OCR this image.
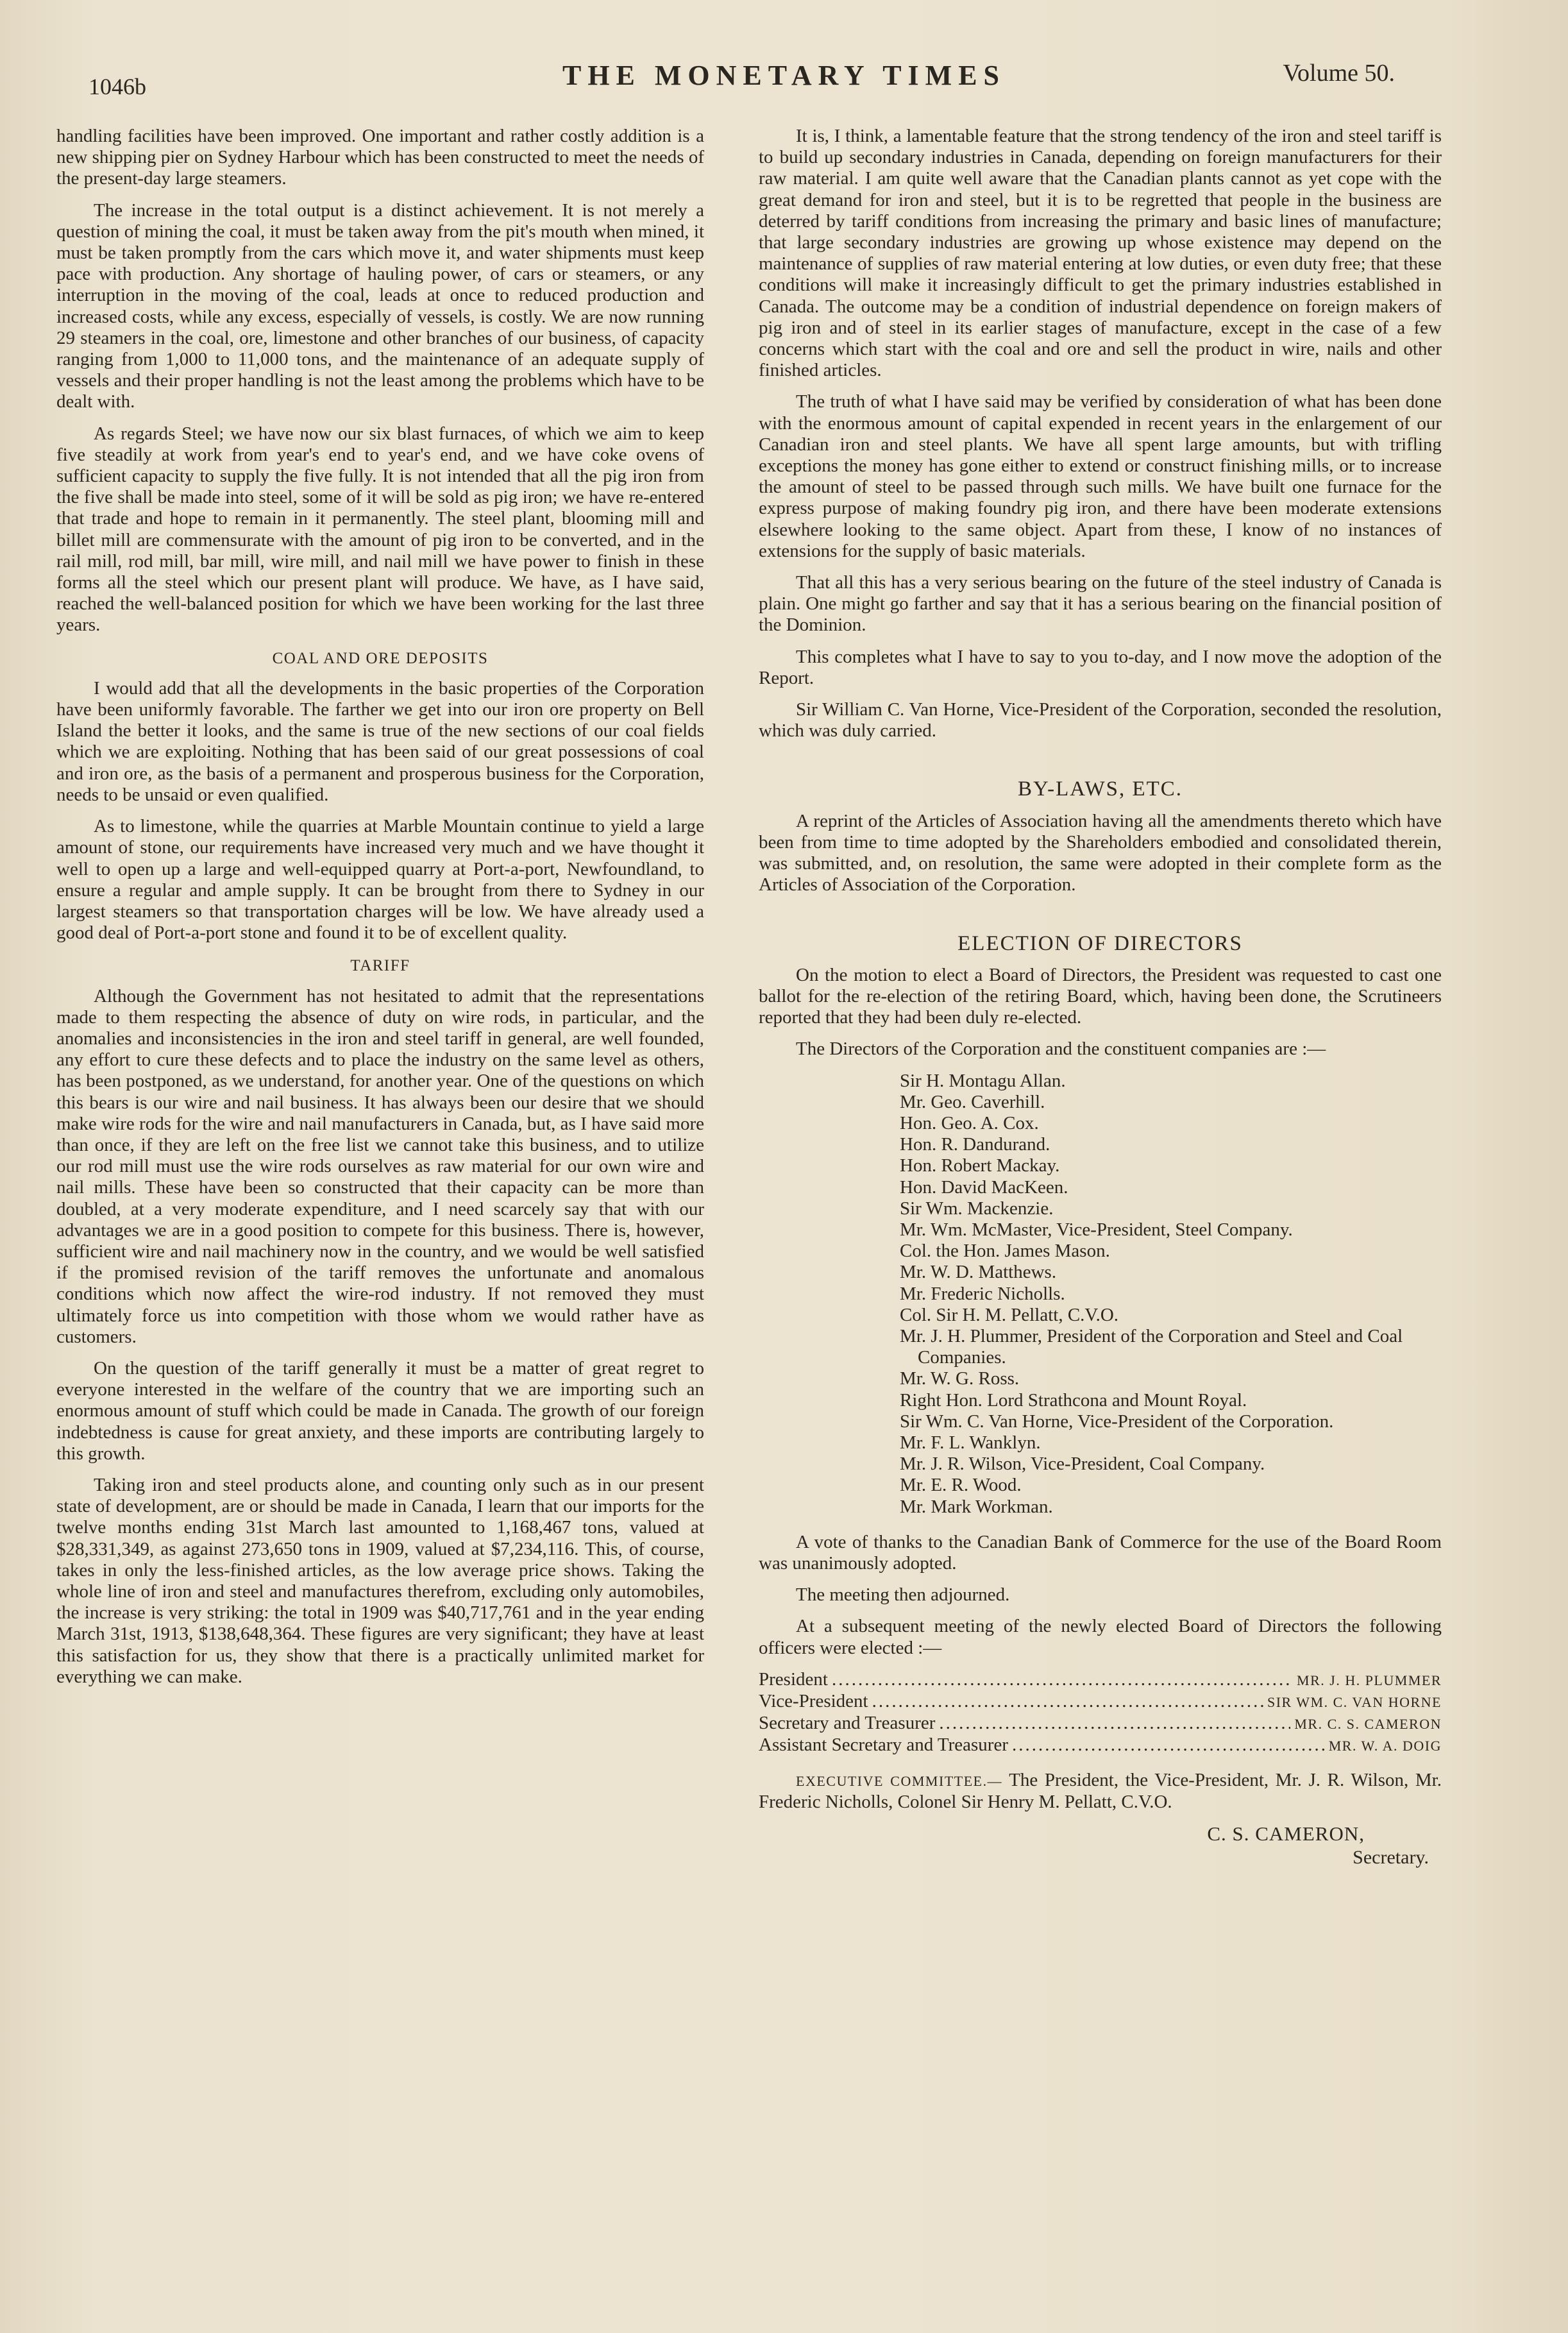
1046b	THE MONETARY TIMES	Volume 50.

handling facilities have been improved. One important and rather costly addition is a new shipping pier on Sydney Harbour which has been constructed to meet the needs of the present-day large steamers.

The increase in the total output is a distinct achievement. It is not merely a question of mining the coal, it must be taken away from the pit's mouth when mined, it must be taken promptly from the cars which move it, and water shipments must keep pace with production. Any shortage of hauling power, of cars or steamers, or any interruption in the moving of the coal, leads at once to reduced production and increased costs, while any excess, especially of vessels, is costly. We are now running 29 steamers in the coal, ore, limestone and other branches of our business, of capacity ranging from 1,000 to 11,000 tons, and the maintenance of an adequate supply of vessels and their proper handling is not the least among the problems which have to be dealt with.

As regards Steel; we have now our six blast furnaces, of which we aim to keep five steadily at work from year's end to year's end, and we have coke ovens of sufficient capacity to supply the five fully. It is not intended that all the pig iron from the five shall be made into steel, some of it will be sold as pig iron; we have re-entered that trade and hope to remain in it permanently. The steel plant, blooming mill and billet mill are commensurate with the amount of pig iron to be converted, and in the rail mill, rod mill, bar mill, wire mill, and nail mill we have power to finish in these forms all the steel which our present plant will produce. We have, as I have said, reached the well-balanced position for which we have been working for the last three years.

COAL AND ORE DEPOSITS

I would add that all the developments in the basic properties of the Corporation have been uniformly favorable. The farther we get into our iron ore property on Bell Island the better it looks, and the same is true of the new sections of our coal fields which we are exploiting. Nothing that has been said of our great possessions of coal and iron ore, as the basis of a permanent and prosperous business for the Corporation, needs to be unsaid or even qualified.

As to limestone, while the quarries at Marble Mountain continue to yield a large amount of stone, our requirements have increased very much and we have thought it well to open up a large and well-equipped quarry at Port-a-port, Newfoundland, to ensure a regular and ample supply. It can be brought from there to Sydney in our largest steamers so that transportation charges will be low. We have already used a good deal of Port-a-port stone and found it to be of excellent quality.

TARIFF

Although the Government has not hesitated to admit that the representations made to them respecting the absence of duty on wire rods, in particular, and the anomalies and inconsistencies in the iron and steel tariff in general, are well founded, any effort to cure these defects and to place the industry on the same level as others, has been postponed, as we understand, for another year. One of the questions on which this bears is our wire and nail business. It has always been our desire that we should make wire rods for the wire and nail manufacturers in Canada, but, as I have said more than once, if they are left on the free list we cannot take this business, and to utilize our rod mill must use the wire rods ourselves as raw material for our own wire and nail mills. These have been so constructed that their capacity can be more than doubled, at a very moderate expenditure, and I need scarcely say that with our advantages we are in a good position to compete for this business. There is, however, sufficient wire and nail machinery now in the country, and we would be well satisfied if the promised revision of the tariff removes the unfortunate and anomalous conditions which now affect the wire-rod industry. If not removed they must ultimately force us into competition with those whom we would rather have as customers.

On the question of the tariff generally it must be a matter of great regret to everyone interested in the welfare of the country that we are importing such an enormous amount of stuff which could be made in Canada. The growth of our foreign indebtedness is cause for great anxiety, and these imports are contributing largely to this growth.

Taking iron and steel products alone, and counting only such as in our present state of development, are or should be made in Canada, I learn that our imports for the twelve months ending 31st March last amounted to 1,168,467 tons, valued at $28,331,349, as against 273,650 tons in 1909, valued at $7,234,116. This, of course, takes in only the less-finished articles, as the low average price shows. Taking the whole line of iron and steel and manufactures therefrom, excluding only automobiles, the increase is very striking: the total in 1909 was $40,717,761 and in the year ending March 31st, 1913, $138,648,364. These figures are very significant; they have at least this satisfaction for us, they show that there is a practically unlimited market for everything we can make.

It is, I think, a lamentable feature that the strong tendency of the iron and steel tariff is to build up secondary industries in Canada, depending on foreign manufacturers for their raw material. I am quite well aware that the Canadian plants cannot as yet cope with the great demand for iron and steel, but it is to be regretted that people in the business are deterred by tariff conditions from increasing the primary and basic lines of manufacture; that large secondary industries are growing up whose existence may depend on the maintenance of supplies of raw material entering at low duties, or even duty free; that these conditions will make it increasingly difficult to get the primary industries established in Canada. The outcome may be a condition of industrial dependence on foreign makers of pig iron and of steel in its earlier stages of manufacture, except in the case of a few concerns which start with the coal and ore and sell the product in wire, nails and other finished articles.

The truth of what I have said may be verified by consideration of what has been done with the enormous amount of capital expended in recent years in the enlargement of our Canadian iron and steel plants. We have all spent large amounts, but with trifling exceptions the money has gone either to extend or construct finishing mills, or to increase the amount of steel to be passed through such mills. We have built one furnace for the express purpose of making foundry pig iron, and there have been moderate extensions elsewhere looking to the same object. Apart from these, I know of no instances of extensions for the supply of basic materials.

That all this has a very serious bearing on the future of the steel industry of Canada is plain. One might go farther and say that it has a serious bearing on the financial position of the Dominion.

This completes what I have to say to you to-day, and I now move the adoption of the Report.

Sir William C. Van Horne, Vice-President of the Corporation, seconded the resolution, which was duly carried.

BY-LAWS, ETC.

A reprint of the Articles of Association having all the amendments thereto which have been from time to time adopted by the Shareholders embodied and consolidated therein, was submitted, and, on resolution, the same were adopted in their complete form as the Articles of Association of the Corporation.

ELECTION OF DIRECTORS

On the motion to elect a Board of Directors, the President was requested to cast one ballot for the re-election of the retiring Board, which, having been done, the Scrutineers reported that they had been duly re-elected.

The Directors of the Corporation and the constituent companies are :—

Sir H. Montagu Allan.
Mr. Geo. Caverhill.
Hon. Geo. A. Cox.
Hon. R. Dandurand.
Hon. Robert Mackay.
Hon. David MacKeen.
Sir Wm. Mackenzie.
Mr. Wm. McMaster, Vice-President, Steel Company.
Col. the Hon. James Mason.
Mr. W. D. Matthews.
Mr. Frederic Nicholls.
Col. Sir H. M. Pellatt, C.V.O.
Mr. J. H. Plummer, President of the Corporation and Steel and Coal Companies.
Mr. W. G. Ross.
Right Hon. Lord Strathcona and Mount Royal.
Sir Wm. C. Van Horne, Vice-President of the Corporation.
Mr. F. L. Wanklyn.
Mr. J. R. Wilson, Vice-President, Coal Company.
Mr. E. R. Wood.
Mr. Mark Workman.

A vote of thanks to the Canadian Bank of Commerce for the use of the Board Room was unanimously adopted.

The meeting then adjourned.

At a subsequent meeting of the newly elected Board of Directors the following officers were elected :—

President .....	MR. J. H. PLUMMER
Vice-President .....	SIR WM. C. VAN HORNE
Secretary and Treasurer .....	MR. C. S. CAMERON
Assistant Secretary and Treasurer .....	MR. W. A. DOIG

EXECUTIVE COMMITTEE.— The President, the Vice-President, Mr. J. R. Wilson, Mr. Frederic Nicholls, Colonel Sir Henry M. Pellatt, C.V.O.

C. S. CAMERON,
Secretary.
